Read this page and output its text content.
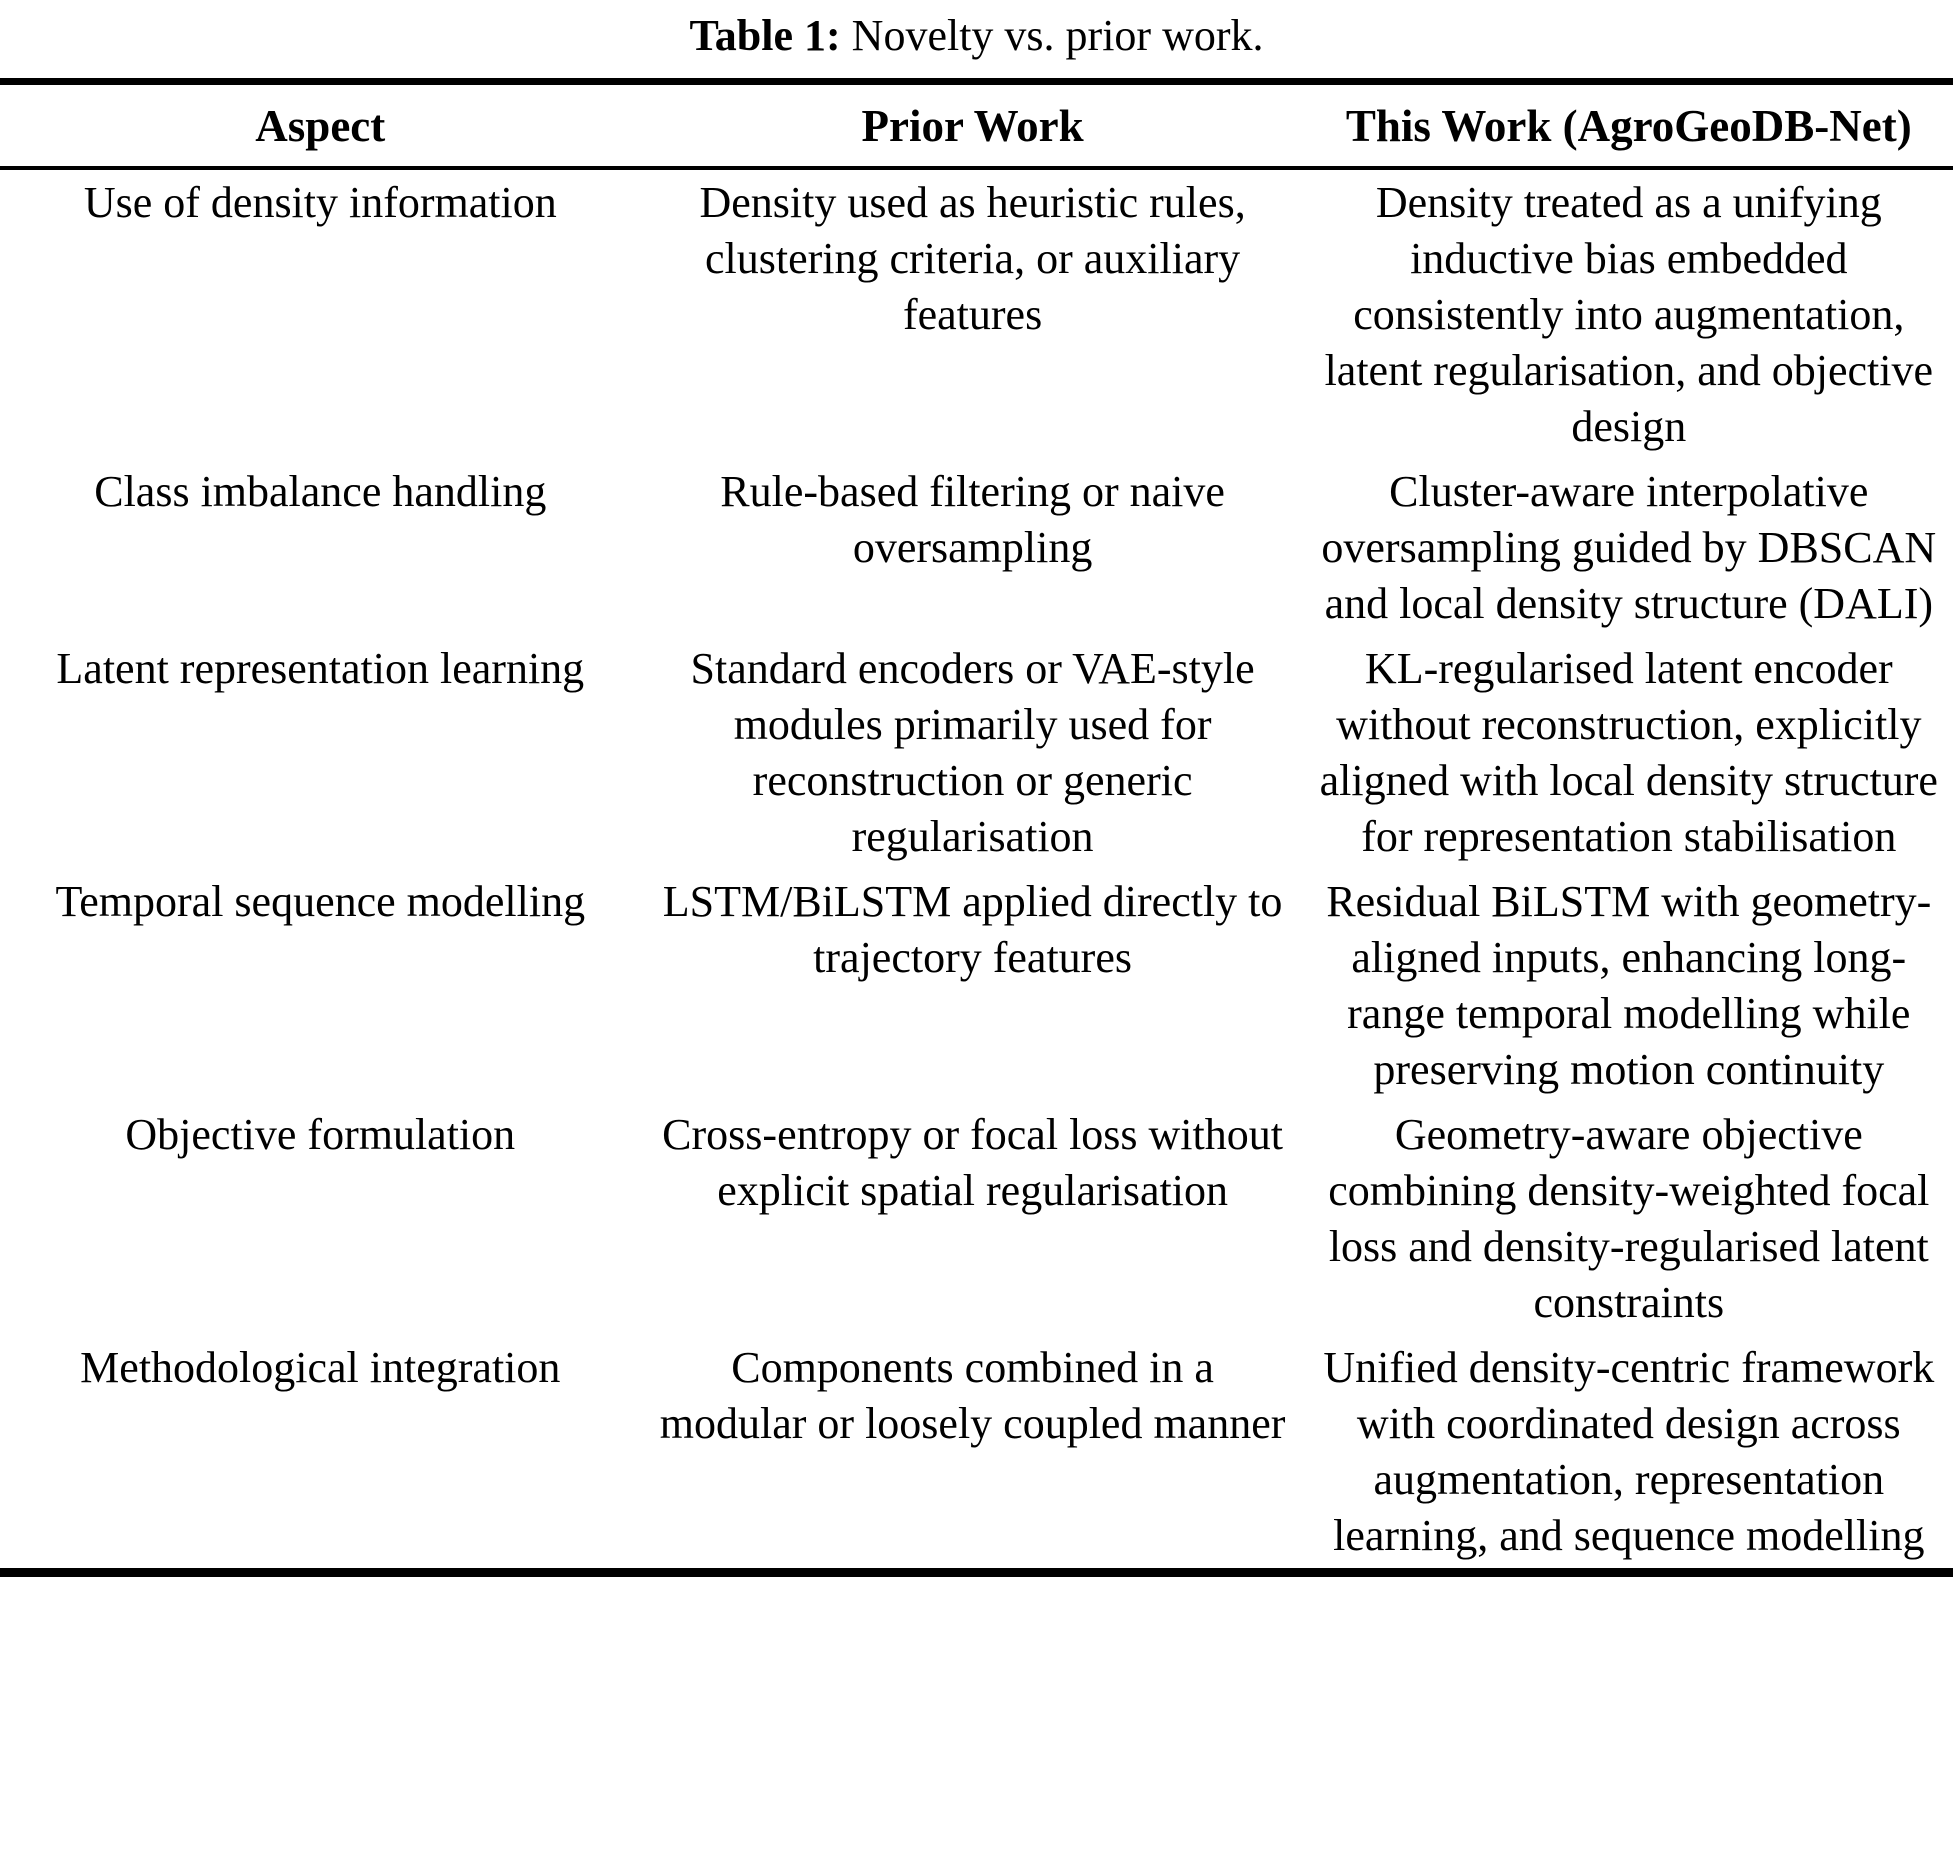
Table 1: Novelty vs. prior work.
Aspect	Prior Work	This Work (AgroGeoDB-Net)
Use of density information	Density used as heuristic rules, clustering criteria, or auxiliary features	Density treated as a unifying inductive bias embedded consistently into augmentation, latent regularisation, and objective design
Class imbalance handling	Rule-based filtering or naive oversampling	Cluster-aware interpolative oversampling guided by DBSCAN and local density structure (DALI)
Latent representation learning	Standard encoders or VAE-style modules primarily used for reconstruction or generic regularisation	KL-regularised latent encoder without reconstruction, explicitly aligned with local density structure for representation stabilisation
Temporal sequence modelling	LSTM/BiLSTM applied directly to trajectory features	Residual BiLSTM with geometry-aligned inputs, enhancing long-range temporal modelling while preserving motion continuity
Objective formulation	Cross-entropy or focal loss without explicit spatial regularisation	Geometry-aware objective combining density-weighted focal loss and density-regularised latent constraints
Methodological integration	Components combined in a modular or loosely coupled manner	Unified density-centric framework with coordinated design across augmentation, representation learning, and sequence modelling
